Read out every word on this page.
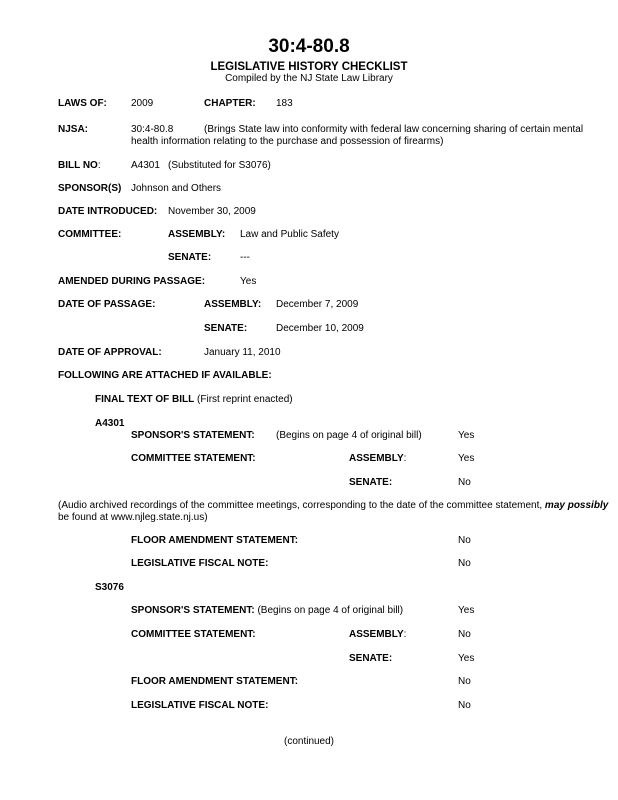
30:4-80.8
LEGISLATIVE HISTORY CHECKLIST
Compiled by the NJ State Law Library
LAWS OF: 2009	CHAPTER: 183
NJSA:	30:4-80.8	(Brings State law into conformity with federal law concerning sharing of certain mental
health information relating to the purchase and possession of firearms)
BILL NO:	A4301 (Substituted for S3076)
SPONSOR(S) Johnson and Others
DATE INTRODUCED: November 30, 2009
COMMITTEE:	ASSEMBLY: Law and Public Safety
SENATE:	---
AMENDED DURING PASSAGE:	Yes
DATE OF PASSAGE:	ASSEMBLY: December 7, 2009
SENATE:	December 10, 2009
DATE OF APPROVAL:	January 11, 2010
FOLLOWING ARE ATTACHED IF AVAILABLE:
FINAL TEXT OF BILL (First reprint enacted)
A4301
SPONSOR'S STATEMENT: (Begins on page 4 of original bill)	Yes
COMMITTEE STATEMENT:	ASSEMBLY:	Yes
SENATE:	No
(Audio archived recordings of the committee meetings, corresponding to the date of the committee statement, may possibly
be found at www.njleg.state.nj.us)
FLOOR AMENDMENT STATEMENT:	No
LEGISLATIVE FISCAL NOTE:	No
S3076
SPONSOR'S STATEMENT: (Begins on page 4 of original bill)	Yes
COMMITTEE STATEMENT:	ASSEMBLY:	No
SENATE:	Yes
FLOOR AMENDMENT STATEMENT:	No
LEGISLATIVE FISCAL NOTE:	No
(continued)
